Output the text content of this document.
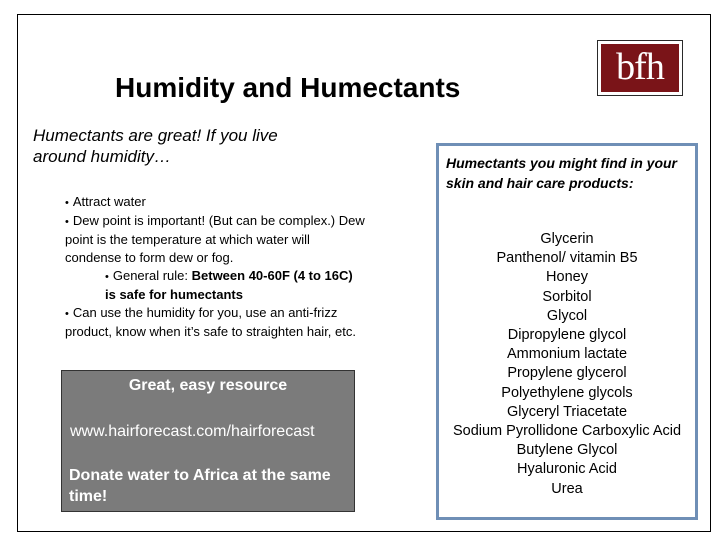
bfh
Humidity and Humectants
Humectants are great! If you live around humidity…

• Attract water

• Dew point is important! (But can be complex.) Dew point is the temperature at which water will condense to form dew or fog.

• General rule: Between 40-60F (4 to 16C) is safe for humectants

• Can use the humidity for you, use an anti-frizz product, know when it’s safe to straighten hair, etc.

Great, easy resource
www.hairforecast.com/hairforecast
Donate water to Africa at the same time!
Humectants you might find in your skin and hair care products:
Glycerin
Panthenol/ vitamin B5
Honey
Sorbitol
Glycol
Dipropylene glycol
Ammonium lactate
Propylene glycerol
Polyethylene glycols
Glyceryl Triacetate
Sodium Pyrollidone Carboxylic Acid
Butylene Glycol
Hyaluronic Acid
Urea
